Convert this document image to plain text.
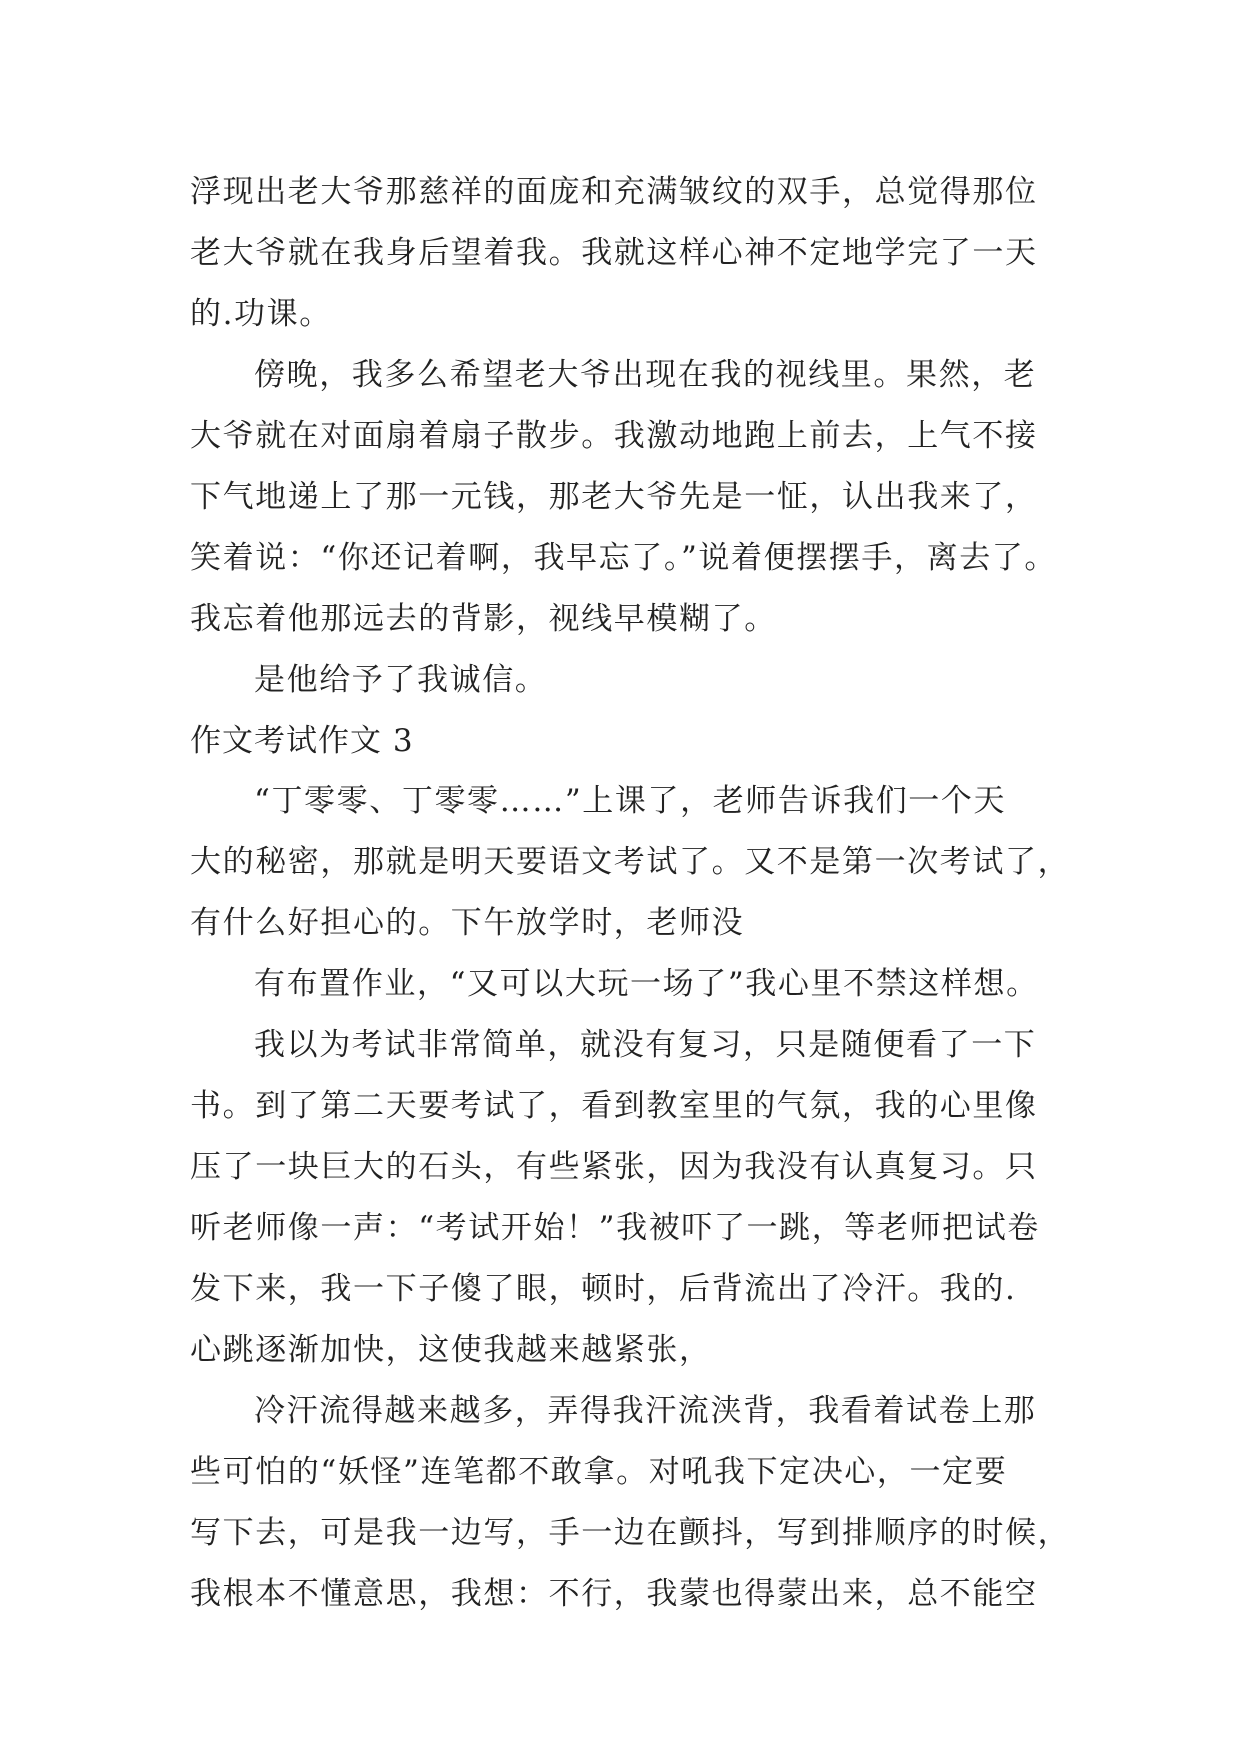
浮现出老大爷那慈祥的面庞和充满皱纹的双手，总觉得那位
老大爷就在我身后望着我。我就这样心神不定地学完了一天
的.功课。
傍晚，我多么希望老大爷出现在我的视线里。果然，老
大爷就在对面扇着扇子散步。我激动地跑上前去，上气不接
下气地递上了那一元钱，那老大爷先是一怔，认出我来了，
笑着说：“你还记着啊，我早忘了。”说着便摆摆手，离去了。
我忘着他那远去的背影，视线早模糊了。
是他给予了我诚信。
作文考试作文 3
“丁零零、丁零零……”上课了，老师告诉我们一个天
大的秘密，那就是明天要语文考试了。又不是第一次考试了，
有什么好担心的。下午放学时，老师没
有布置作业，“又可以大玩一场了”我心里不禁这样想。
我以为考试非常简单，就没有复习，只是随便看了一下
书。到了第二天要考试了，看到教室里的气氛，我的心里像
压了一块巨大的石头，有些紧张，因为我没有认真复习。只
听老师像一声：“考试开始！”我被吓了一跳，等老师把试卷
发下来，我一下子傻了眼，顿时，后背流出了冷汗。我的.
心跳逐渐加快，这使我越来越紧张，
冷汗流得越来越多，弄得我汗流浃背，我看着试卷上那
些可怕的“妖怪”连笔都不敢拿。对吼我下定决心，一定要
写下去，可是我一边写，手一边在颤抖，写到排顺序的时候，
我根本不懂意思，我想：不行，我蒙也得蒙出来，总不能空
